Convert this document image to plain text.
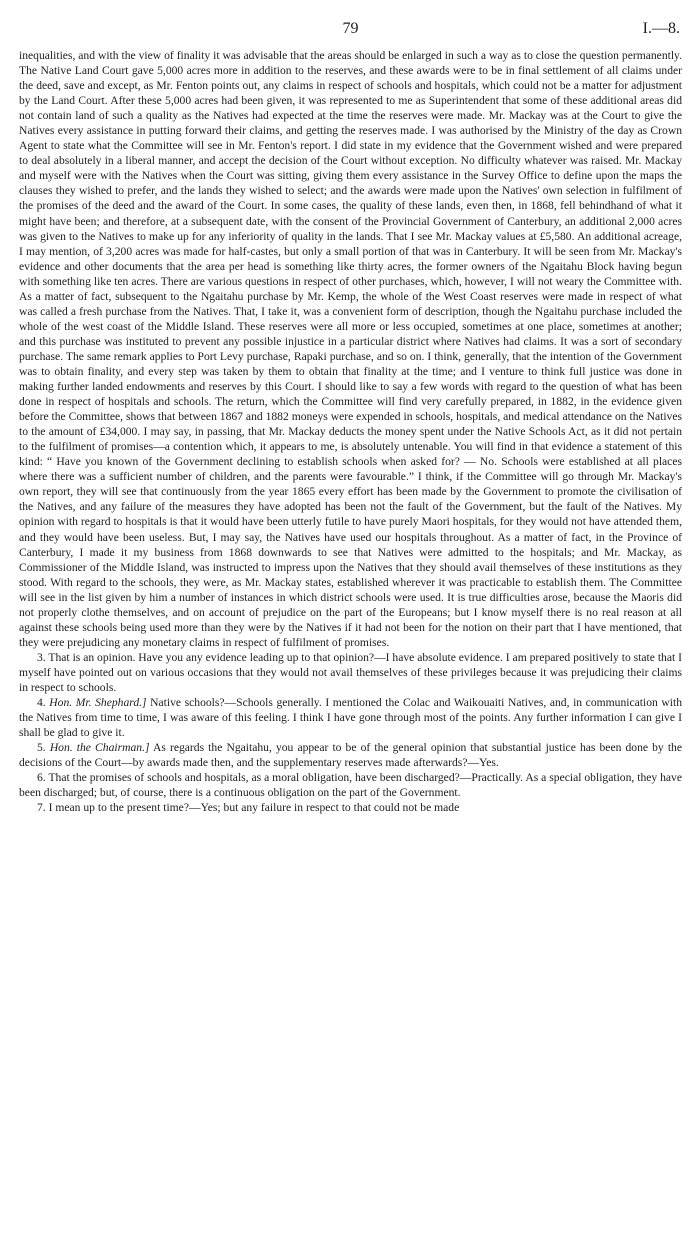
79	I.—8.

inequalities, and with the view of finality it was advisable that the areas should be enlarged in such a way as to close the question permanently. The Native Land Court gave 5,000 acres more in addition to the reserves, and these awards were to be in final settlement of all claims under the deed, save and except, as Mr. Fenton points out, any claims in respect of schools and hospitals, which could not be a matter for adjustment by the Land Court. After these 5,000 acres had been given, it was represented to me as Superintendent that some of these additional areas did not contain land of such a quality as the Natives had expected at the time the reserves were made. Mr. Mackay was at the Court to give the Natives every assistance in putting forward their claims, and getting the reserves made. I was authorised by the Ministry of the day as Crown Agent to state what the Committee will see in Mr. Fenton's report. I did state in my evidence that the Government wished and were prepared to deal absolutely in a liberal manner, and accept the decision of the Court without exception. No difficulty whatever was raised. Mr. Mackay and myself were with the Natives when the Court was sitting, giving them every assistance in the Survey Office to define upon the maps the clauses they wished to prefer, and the lands they wished to select; and the awards were made upon the Natives' own selection in fulfilment of the promises of the deed and the award of the Court. In some cases, the quality of these lands, even then, in 1868, fell behindhand of what it might have been; and therefore, at a subsequent date, with the consent of the Provincial Government of Canterbury, an additional 2,000 acres was given to the Natives to make up for any inferiority of quality in the lands. That I see Mr. Mackay values at £5,580. An additional acreage, I may mention, of 3,200 acres was made for half-castes, but only a small portion of that was in Canterbury. It will be seen from Mr. Mackay's evidence and other documents that the area per head is something like thirty acres, the former owners of the Ngaitahu Block having begun with something like ten acres. There are various questions in respect of other purchases, which, however, I will not weary the Committee with. As a matter of fact, subsequent to the Ngaitahu purchase by Mr. Kemp, the whole of the West Coast reserves were made in respect of what was called a fresh purchase from the Natives. That, I take it, was a convenient form of description, though the Ngaitahu purchase included the whole of the west coast of the Middle Island. These reserves were all more or less occupied, sometimes at one place, sometimes at another; and this purchase was instituted to prevent any possible injustice in a particular district where Natives had claims. It was a sort of secondary purchase. The same remark applies to Port Levy purchase, Rapaki purchase, and so on. I think, generally, that the intention of the Government was to obtain finality, and every step was taken by them to obtain that finality at the time; and I venture to think full justice was done in making further landed endowments and reserves by this Court. I should like to say a few words with regard to the question of what has been done in respect of hospitals and schools. The return, which the Committee will find very carefully prepared, in 1882, in the evidence given before the Committee, shows that between 1867 and 1882 moneys were expended in schools, hospitals, and medical attendance on the Natives to the amount of £34,000. I may say, in passing, that Mr. Mackay deducts the money spent under the Native Schools Act, as it did not pertain to the fulfilment of promises—a contention which, it appears to me, is absolutely untenable. You will find in that evidence a statement of this kind: “ Have you known of the Government declining to establish schools when asked for? — No. Schools were established at all places where there was a sufficient number of children, and the parents were favourable.” I think, if the Committee will go through Mr. Mackay's own report, they will see that continuously from the year 1865 every effort has been made by the Government to promote the civilisation of the Natives, and any failure of the measures they have adopted has been not the fault of the Government, but the fault of the Natives. My opinion with regard to hospitals is that it would have been utterly futile to have purely Maori hospitals, for they would not have attended them, and they would have been useless. But, I may say, the Natives have used our hospitals throughout. As a matter of fact, in the Province of Canterbury, I made it my business from 1868 downwards to see that Natives were admitted to the hospitals; and Mr. Mackay, as Commissioner of the Middle Island, was instructed to impress upon the Natives that they should avail themselves of these institutions as they stood. With regard to the schools, they were, as Mr. Mackay states, established wherever it was practicable to establish them. The Committee will see in the list given by him a number of instances in which district schools were used. It is true difficulties arose, because the Maoris did not properly clothe themselves, and on account of prejudice on the part of the Europeans; but I know myself there is no real reason at all against these schools being used more than they were by the Natives if it had not been for the notion on their part that I have mentioned, that they were prejudicing any monetary claims in respect of fulfilment of promises.

3. That is an opinion. Have you any evidence leading up to that opinion?—I have absolute evidence. I am prepared positively to state that I myself have pointed out on various occasions that they would not avail themselves of these privileges because it was prejudicing their claims in respect to schools.

4. Hon. Mr. Shephard.] Native schools?—Schools generally. I mentioned the Colac and Waikouaiti Natives, and, in communication with the Natives from time to time, I was aware of this feeling. I think I have gone through most of the points. Any further information I can give I shall be glad to give it.

5. Hon. the Chairman.] As regards the Ngaitahu, you appear to be of the general opinion that substantial justice has been done by the decisions of the Court—by awards made then, and the supplementary reserves made afterwards?—Yes.

6. That the promises of schools and hospitals, as a moral obligation, have been discharged?—Practically. As a special obligation, they have been discharged; but, of course, there is a continuous obligation on the part of the Government.

7. I mean up to the present time?—Yes; but any failure in respect to that could not be made
